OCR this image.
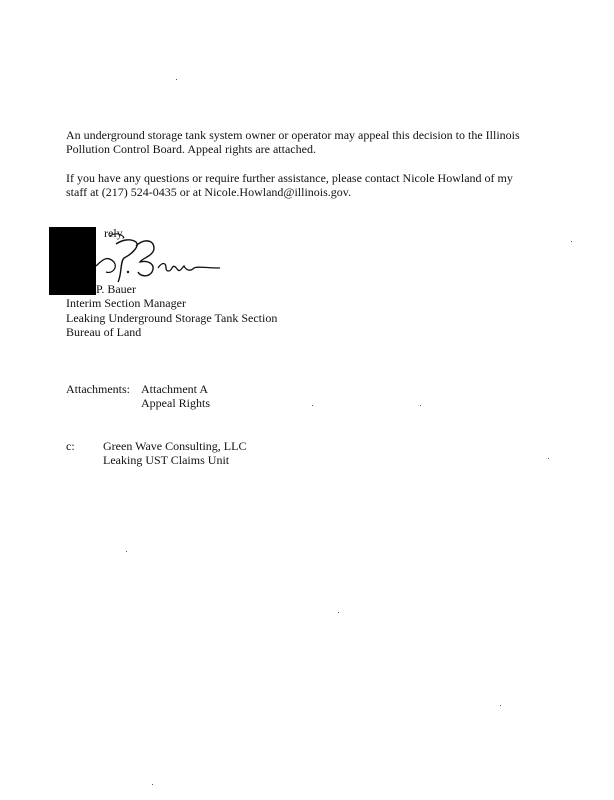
An underground storage tank system owner or operator may appeal this decision to the Illinois
Pollution Control Board. Appeal rights are attached.
If you have any questions or require further assistance, please contact Nicole Howland of my
staff at (217) 524-0435 or at Nicole.Howland@illinois.gov.
rely,
P. Bauer
Interim Section Manager
Leaking Underground Storage Tank Section
Bureau of Land
Attachments: Attachment A
Appeal Rights
c: Green Wave Consulting, LLC
Leaking UST Claims Unit
